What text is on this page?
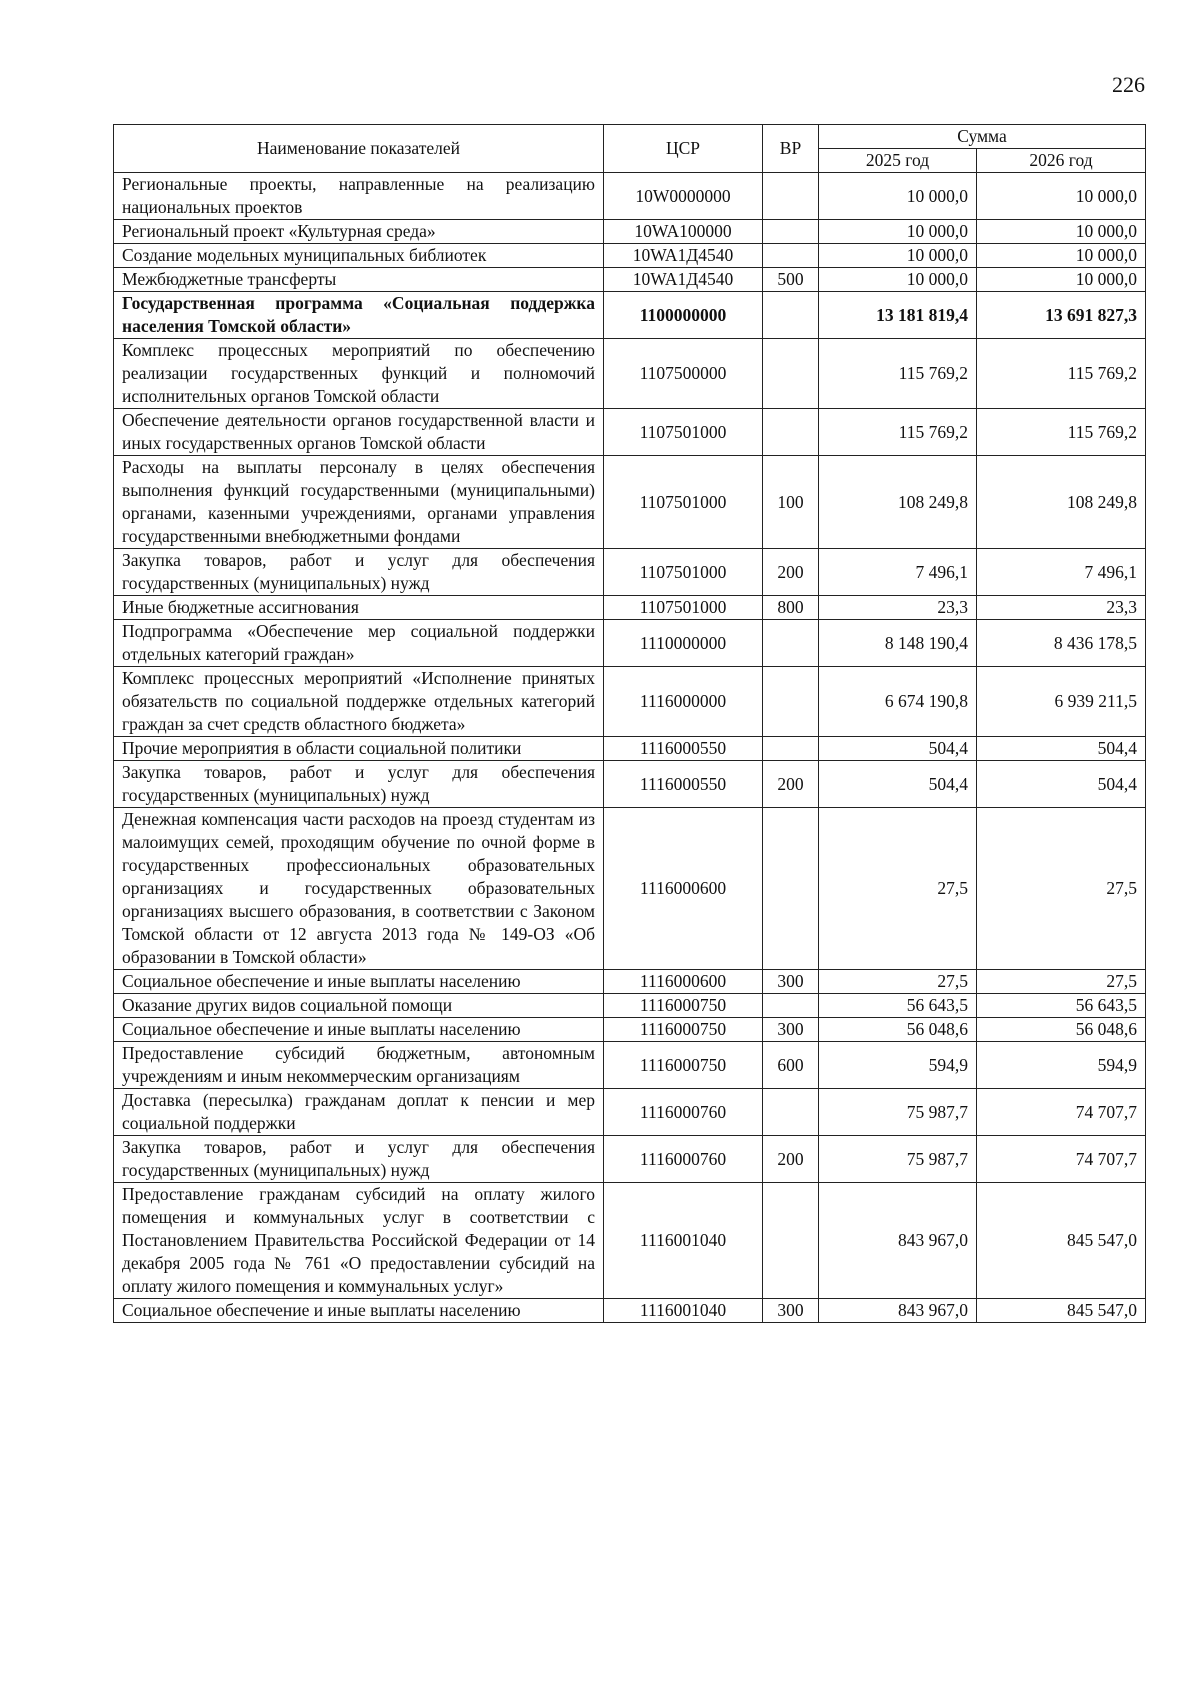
226
Наименование показателей	ЦСР	ВР	Сумма	
			2025 год	2026 год
Региональные проекты, направленные на реализацию национальных проектов	10W0000000		10 000,0	10 000,0
Региональный проект «Культурная среда»	10WA100000		10 000,0	10 000,0
Создание модельных муниципальных библиотек	10WA1Д4540		10 000,0	10 000,0
Межбюджетные трансферты	10WA1Д4540	500	10 000,0	10 000,0
Государственная программа «Социальная поддержка населения Томской области»	1100000000		13 181 819,4	13 691 827,3
Комплекс процессных мероприятий по обеспечению реализации государственных функций и полномочий исполнительных органов Томской области	1107500000		115 769,2	115 769,2
Обеспечение деятельности органов государственной власти и иных государственных органов Томской области	1107501000		115 769,2	115 769,2
Расходы на выплаты персоналу в целях обеспечения выполнения функций государственными (муниципальными) органами, казенными учреждениями, органами управления государственными внебюджетными фондами	1107501000	100	108 249,8	108 249,8
Закупка товаров, работ и услуг для обеспечения государственных (муниципальных) нужд	1107501000	200	7 496,1	7 496,1
Иные бюджетные ассигнования	1107501000	800	23,3	23,3
Подпрограмма «Обеспечение мер социальной поддержки отдельных категорий граждан»	1110000000		8 148 190,4	8 436 178,5
Комплекс процессных мероприятий «Исполнение принятых обязательств по социальной поддержке отдельных категорий граждан за счет средств областного бюджета»	1116000000		6 674 190,8	6 939 211,5
Прочие мероприятия в области социальной политики	1116000550		504,4	504,4
Закупка товаров, работ и услуг для обеспечения государственных (муниципальных) нужд	1116000550	200	504,4	504,4
Денежная компенсация части расходов на проезд студентам из малоимущих семей, проходящим обучение по очной форме в государственных профессиональных образовательных организациях и государственных образовательных организациях высшего образования, в соответствии с Законом Томской области от 12 августа 2013 года № 149-ОЗ «Об образовании в Томской области»	1116000600		27,5	27,5
Социальное обеспечение и иные выплаты населению	1116000600	300	27,5	27,5
Оказание других видов социальной помощи	1116000750		56 643,5	56 643,5
Социальное обеспечение и иные выплаты населению	1116000750	300	56 048,6	56 048,6
Предоставление субсидий бюджетным, автономным учреждениям и иным некоммерческим организациям	1116000750	600	594,9	594,9
Доставка (пересылка) гражданам доплат к пенсии и мер социальной поддержки	1116000760		75 987,7	74 707,7
Закупка товаров, работ и услуг для обеспечения государственных (муниципальных) нужд	1116000760	200	75 987,7	74 707,7
Предоставление гражданам субсидий на оплату жилого помещения и коммунальных услуг в соответствии с Постановлением Правительства Российской Федерации от 14 декабря 2005 года № 761 «О предоставлении субсидий на оплату жилого помещения и коммунальных услуг»	1116001040		843 967,0	845 547,0
Социальное обеспечение и иные выплаты населению	1116001040	300	843 967,0	845 547,0
